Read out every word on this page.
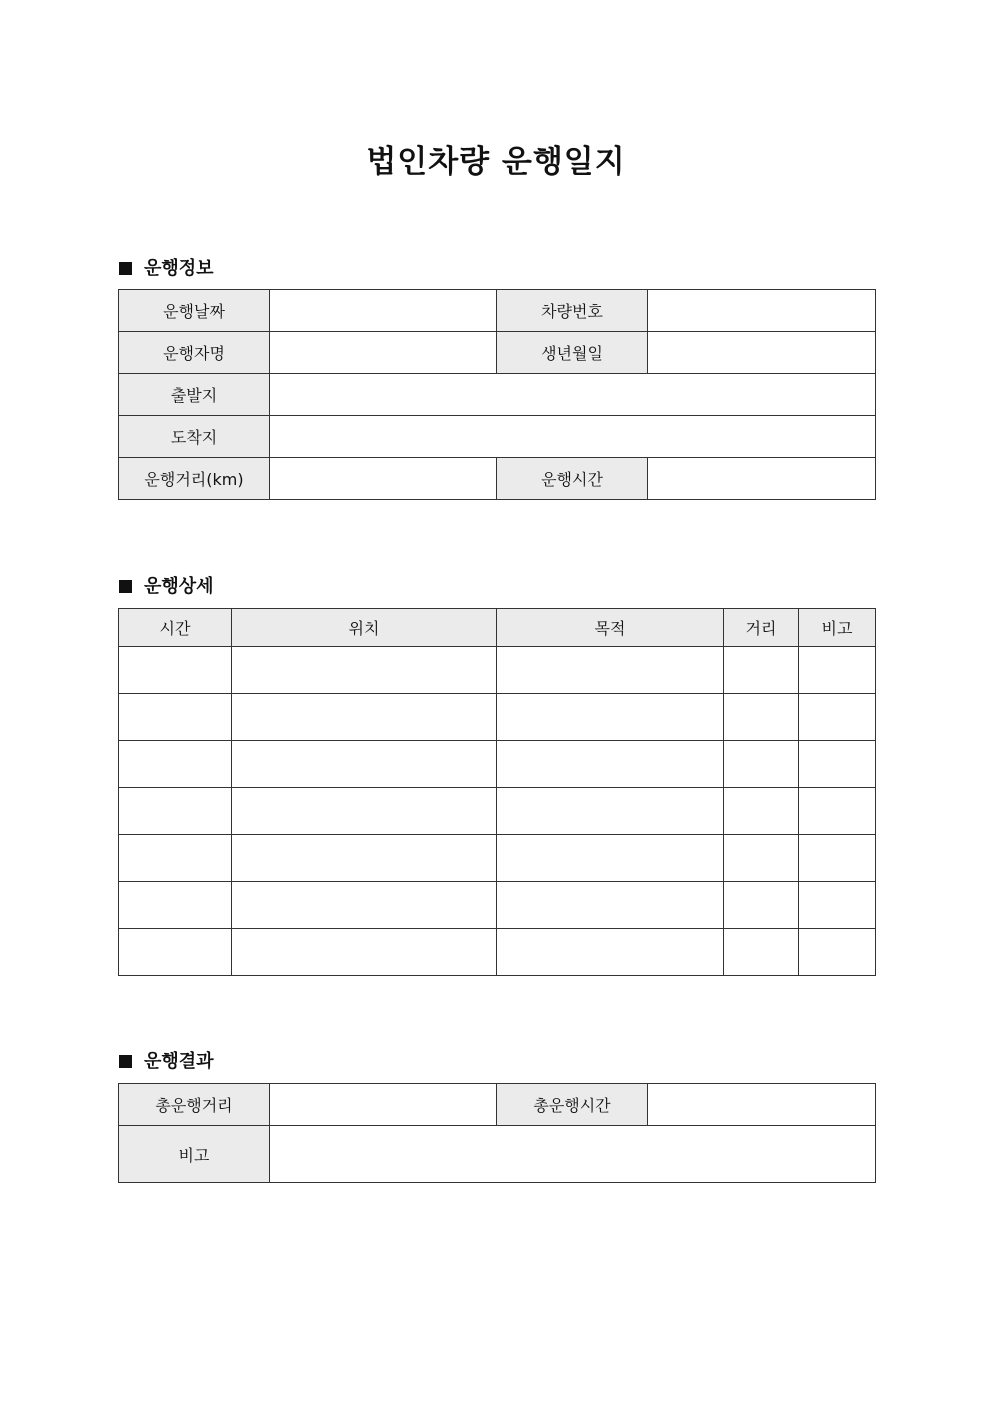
법인차량 운행일지
운행정보
운행날짜		차량번호	
운행자명		생년월일	
출발지			
도착지			
운행거리(km)		운행시간	
운행상세
시간	위치	목적	거리	비고

운행결과
총운행거리		총운행시간	
비고			
